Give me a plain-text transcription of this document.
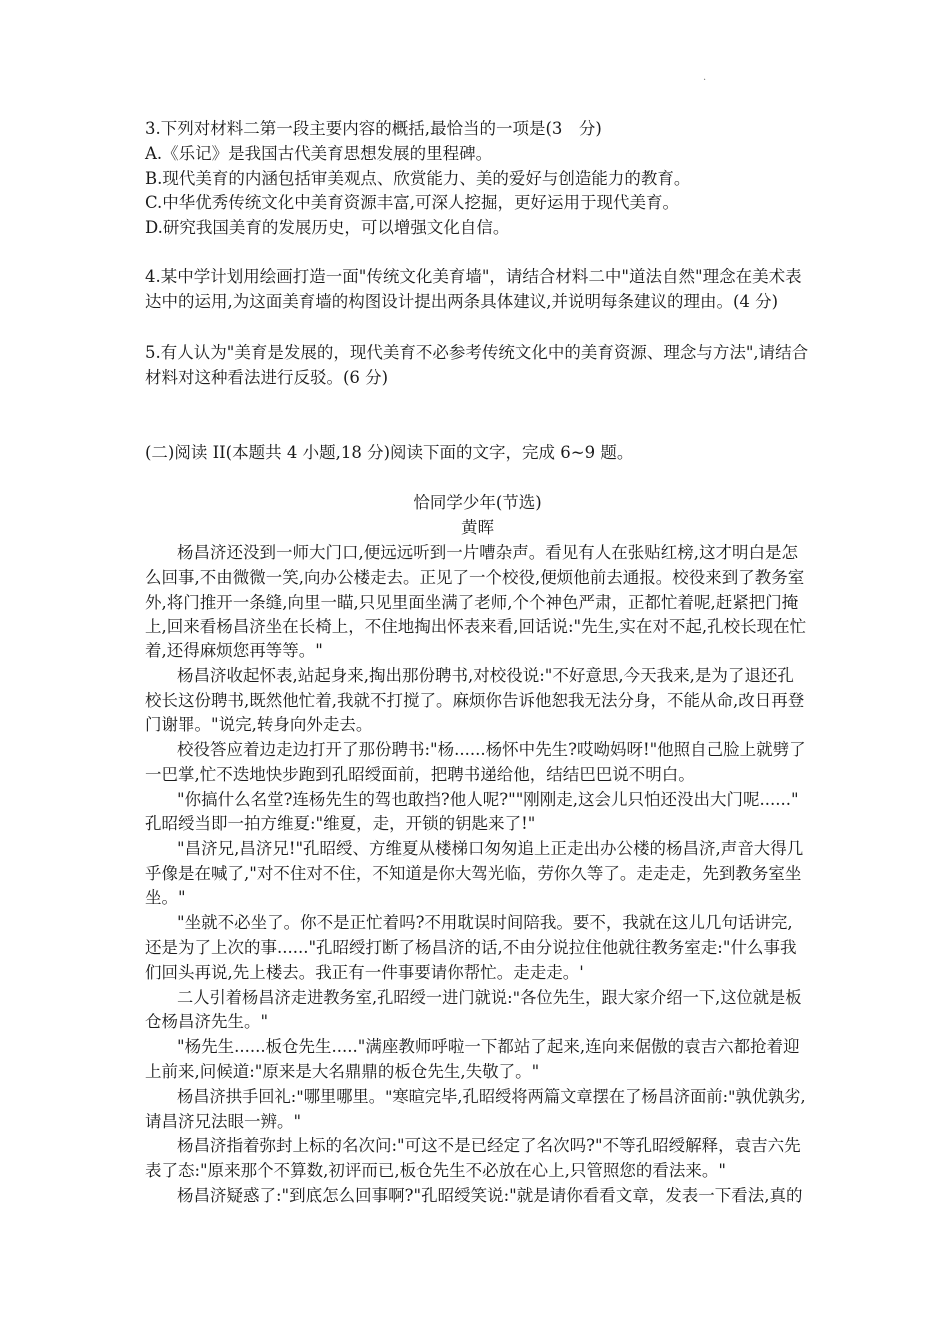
.
3.下列对材料二第一段主要内容的概括,最恰当的一项是(3　分)
A.《乐记》是我国古代美育思想发展的里程碑。
B.现代美育的内涵包括审美观点、欣赏能力、美的爱好与创造能力的教育。
C.中华优秀传统文化中美育资源丰富,可深人挖掘，更好运用于现代美育。
D.研究我国美育的发展历史，可以增强文化自信。
4.某中学计划用绘画打造一面"传统文化美育墙"，请结合材料二中"道法自然"理念在美术表
达中的运用,为这面美育墙的构图设计提出两条具体建议,并说明每条建议的理由。(4 分)
5.有人认为"美育是发展的，现代美育不必参考传统文化中的美育资源、理念与方法",请结合
材料对这种看法进行反驳。(6 分)
(二)阅读 II(本题共 4 小题,18 分)阅读下面的文字，完成 6~9 题。
恰同学少年(节选)
黄晖
杨昌济还没到一师大门口,便远远听到一片嘈杂声。看见有人在张贴红榜,这才明白是怎
么回事,不由微微一笑,向办公楼走去。正见了一个校役,便烦他前去通报。校役来到了教务室
外,将门推开一条缝,向里一瞄,只见里面坐满了老师,个个神色严肃，正都忙着呢,赶紧把门掩
上,回来看杨昌济坐在长椅上，不住地掏出怀表来看,回话说:"先生,实在对不起,孔校长现在忙
着,还得麻烦您再等等。"
杨昌济收起怀表,站起身来,掏出那份聘书,对校役说:"不好意思,今天我来,是为了退还孔
校长这份聘书,既然他忙着,我就不打搅了。麻烦你告诉他恕我无法分身，不能从命,改日再登
门谢罪。"说完,转身向外走去。
校役答应着边走边打开了那份聘书:"杨......杨怀中先生?哎呦妈呀!"他照自己脸上就劈了
一巴掌,忙不迭地快步跑到孔昭绶面前，把聘书递给他，结结巴巴说不明白。
"你搞什么名堂?连杨先生的驾也敢挡?他人呢?""刚刚走,这会儿只怕还没出大门呢......"
孔昭绶当即一拍方维夏:"维夏，走，开锁的钥匙来了!"
"昌济兄,昌济兄!"孔昭绶、方维夏从楼梯口匆匆追上正走出办公楼的杨昌济,声音大得几
乎像是在喊了,"对不住对不住，不知道是你大驾光临，劳你久等了。走走走，先到教务室坐
坐。"
"坐就不必坐了。你不是正忙着吗?不用耽误时间陪我。要不，我就在这儿几句话讲完,
还是为了上次的事......"孔昭绶打断了杨昌济的话,不由分说拉住他就往教务室走:"什么事我
们回头再说,先上楼去。我正有一件事要请你帮忙。走走走。'
二人引着杨昌济走进教务室,孔昭绶一进门就说:"各位先生，跟大家介绍一下,这位就是板
仓杨昌济先生。"
"杨先生......板仓先生....."满座教师呼啦一下都站了起来,连向来倨傲的袁吉六都抢着迎
上前来,问候道:"原来是大名鼎鼎的板仓先生,失敬了。"
杨昌济拱手回礼:"哪里哪里。"寒暄完毕,孔昭绶将两篇文章摆在了杨昌济面前:"孰优孰劣,
请昌济兄法眼一辨。"
杨昌济指着弥封上标的名次问:"可这不是已经定了名次吗?"不等孔昭绶解释，袁吉六先
表了态:"原来那个不算数,初评而已,板仓先生不必放在心上,只管照您的看法来。"
杨昌济疑惑了:"到底怎么回事啊?"孔昭绶笑说:"就是请你看看文章，发表一下看法,真的
